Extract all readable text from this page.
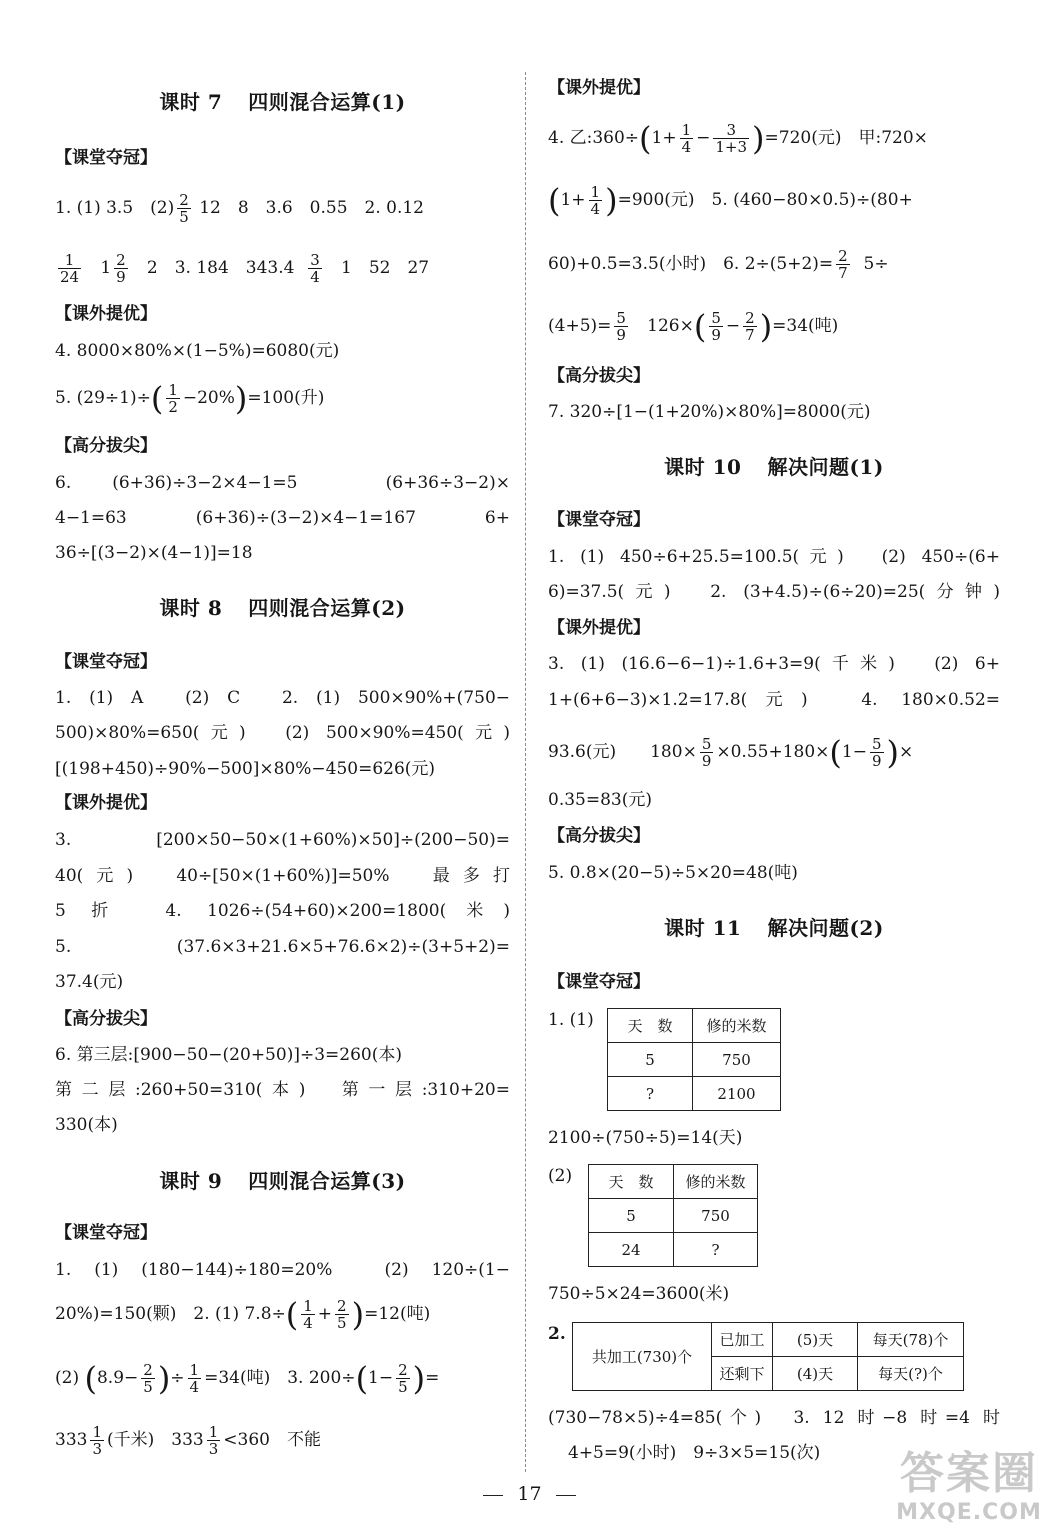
课时 7 四则混合运算(1)
【课堂夺冠】
1. (1) 3.5　$(2) \frac{2}{5} 12$　8　3.6　0.55　2. 0.12
$\frac{1}{24} 1 \frac{2}{9} 2$　3. 184　$343.4 \frac{3}{4} 1$　52　27
【课外提优】
4. 8000×80%×(1−5%)=6080(元)
5. $(29\div 1)\div( \frac{1}{2} -20\%)=100$(升)
【高分拔尖】
6. (6+36)÷3−2×4−1=5　(6+36÷3−2)×
4−1=63　(6+36)÷(3−2)×4−1=167　6+
36÷[(3−2)×(4−1)]=18
课时 8 四则混合运算(2)
【课堂夺冠】
1. (1) A　(2) C　2. (1) 500×90%+(750−
500)×80%=650(元)　(2) 500×90%=450(元)
[(198+450)÷90%−500]×80%−450=626(元)
【课外提优】
3. [200×50−50×(1+60%)×50]÷(200−50)=
40(元)　40÷[50×(1+60%)]=50%　最多打
5 折　4. 1026÷(54+60)×200=1800(米)
5. (37.6×3+21.6×5+76.6×2)÷(3+5+2)=
37.4(元)
【高分拔尖】
6. 第三层:[900−50−(20+50)]÷3=260(本)
第二层:260+50=310(本)　第一层:310+20=
330(本)
课时 9 四则混合运算(3)
【课堂夺冠】
1. (1) (180−144)÷180=20%　(2) 120÷(1−
20%)=150(颗)　2. (1) $7.8\div( \frac{1}{4} + \frac{2}{5} )=12$(吨)
(2) ($8.9- \frac{2}{5}$ )÷ $\frac{1}{4} =34$(吨)　3. $200\div(1- \frac{2}{5}$ )=
$333 \frac{1}{3}$ (千米)　$333 \frac{1}{3} <360$　不能
【课外提优】
4. 乙:360÷(1+ $\frac{1}{4} - \frac{3}{1+3} )=720$(元)　甲:720×
$(1+ \frac{1}{4} )=900$(元)　5. (460−80×0.5)÷(80+
60)+0.5=3.5(小时)　6. $2\div(5+2)= \frac{2}{7} 5\div$
$(4+5)= \frac{5}{9} 126\times( \frac{5}{9} - \frac{2}{7} )=34$(吨)
【高分拔尖】
7. 320÷[1−(1+20%)×80%]=8000(元)
课时 10 解决问题(1)
【课堂夺冠】
1. (1) 450÷6+25.5=100.5(元)　(2) 450÷(6+
6)=37.5(元)　2. (3+4.5)÷(6÷20)=25(分钟)
【课外提优】
3. (1) (16.6−6−1)÷1.6+3=9(千米)　(2) 6+
1+(6+6−3)×1.2=17.8(元)　4. 180×0.52=
93.6(元)　　$180\times \frac{5}{9} \times 0.55+180\times(1- \frac{5}{9}$ )×
0.35=83(元)
【高分拔尖】
5. 0.8×(20−5)÷5×20=48(吨)
课时 11 解决问题(2)
【课堂夺冠】
1. (1)	天　数	修的米数
5	750
?	2100
2100÷(750÷5)=14(天)
(2)	天　数	修的米数
5	750
24	?
750÷5×24=3600(米)
2.
共加工(730)个	已加工	(5)天	每天(78)个
	还剩下	(4)天	每天(?)个
(730−78×5)÷4=85(个)　3. 12 时−8 时=4 时
4+5=9(小时)　9÷3×5=15(次)
17	答案圈
MXQE.COM
